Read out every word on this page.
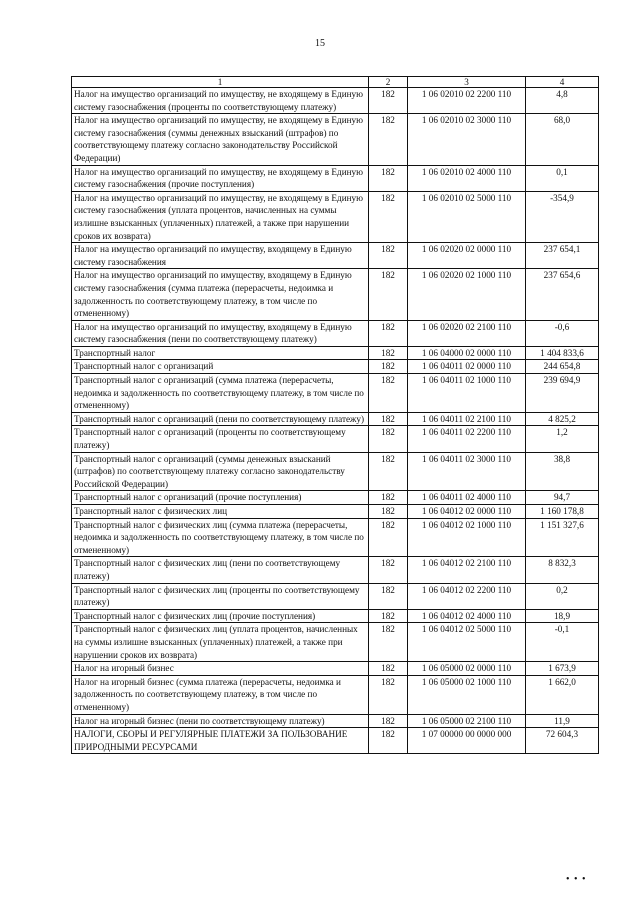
15
1	2	3	4
Налог на имущество организаций по имуществу, не входящему в Единую систему газоснабжения (проценты по соответствующему платежу)	182	1 06 02010 02 2200 110	4,8
Налог на имущество организаций по имуществу, не входящему в Единую систему газоснабжения (суммы денежных взысканий (штрафов) по соответствующему платежу согласно законодательству Российской Федерации)	182	1 06 02010 02 3000 110	68,0
Налог на имущество организаций по имуществу, не входящему в Единую систему газоснабжения (прочие поступления)	182	1 06 02010 02 4000 110	0,1
Налог на имущество организаций по имуществу, не входящему в Единую систему газоснабжения (уплата процентов, начисленных на суммы излишне взысканных (уплаченных) платежей, а также при нарушении сроков их возврата)	182	1 06 02010 02 5000 110	-354,9
Налог на имущество организаций по имуществу, входящему в Единую систему газоснабжения	182	1 06 02020 02 0000 110	237 654,1
Налог на имущество организаций по имуществу, входящему в Единую систему газоснабжения (сумма платежа (перерасчеты, недоимка и задолженность по соответствующему платежу, в том числе по отмененному)	182	1 06 02020 02 1000 110	237 654,6
Налог на имущество организаций по имуществу, входящему в Единую систему газоснабжения (пени по соответствующему платежу)	182	1 06 02020 02 2100 110	-0,6
Транспортный налог	182	1 06 04000 02 0000 110	1 404 833,6
Транспортный налог с организаций	182	1 06 04011 02 0000 110	244 654,8
Транспортный налог с организаций (сумма платежа (перерасчеты, недоимка и задолженность по соответствующему платежу, в том числе по отмененному)	182	1 06 04011 02 1000 110	239 694,9
Транспортный налог с организаций (пени по соответствующему платежу)	182	1 06 04011 02 2100 110	4 825,2
Транспортный налог с организаций (проценты по соответствующему платежу)	182	1 06 04011 02 2200 110	1,2
Транспортный налог с организаций (суммы денежных взысканий (штрафов) по соответствующему платежу согласно законодательству Российской Федерации)	182	1 06 04011 02 3000 110	38,8
Транспортный налог с организаций (прочие поступления)	182	1 06 04011 02 4000 110	94,7
Транспортный налог с физических лиц	182	1 06 04012 02 0000 110	1 160 178,8
Транспортный налог с физических лиц (сумма платежа (перерасчеты, недоимка и задолженность по соответствующему платежу, в том числе по отмененному)	182	1 06 04012 02 1000 110	1 151 327,6
Транспортный налог с физических лиц (пени по соответствующему платежу)	182	1 06 04012 02 2100 110	8 832,3
Транспортный налог с физических лиц (проценты по соответствующему платежу)	182	1 06 04012 02 2200 110	0,2
Транспортный налог с физических лиц (прочие поступления)	182	1 06 04012 02 4000 110	18,9
Транспортный налог с физических лиц (уплата процентов, начисленных на суммы излишне взысканных (уплаченных) платежей, а также при нарушении сроков их возврата)	182	1 06 04012 02 5000 110	-0,1
Налог на игорный бизнес	182	1 06 05000 02 0000 110	1 673,9
Налог на игорный бизнес (сумма платежа (перерасчеты, недоимка и задолженность по соответствующему платежу, в том числе по отмененному)	182	1 06 05000 02 1000 110	1 662,0
Налог на игорный бизнес (пени по соответствующему платежу)	182	1 06 05000 02 2100 110	11,9
НАЛОГИ, СБОРЫ И РЕГУЛЯРНЫЕ ПЛАТЕЖИ ЗА ПОЛЬЗОВАНИЕ ПРИРОДНЫМИ РЕСУРСАМИ	182	1 07 00000 00 0000 000	72 604,3
• • •
